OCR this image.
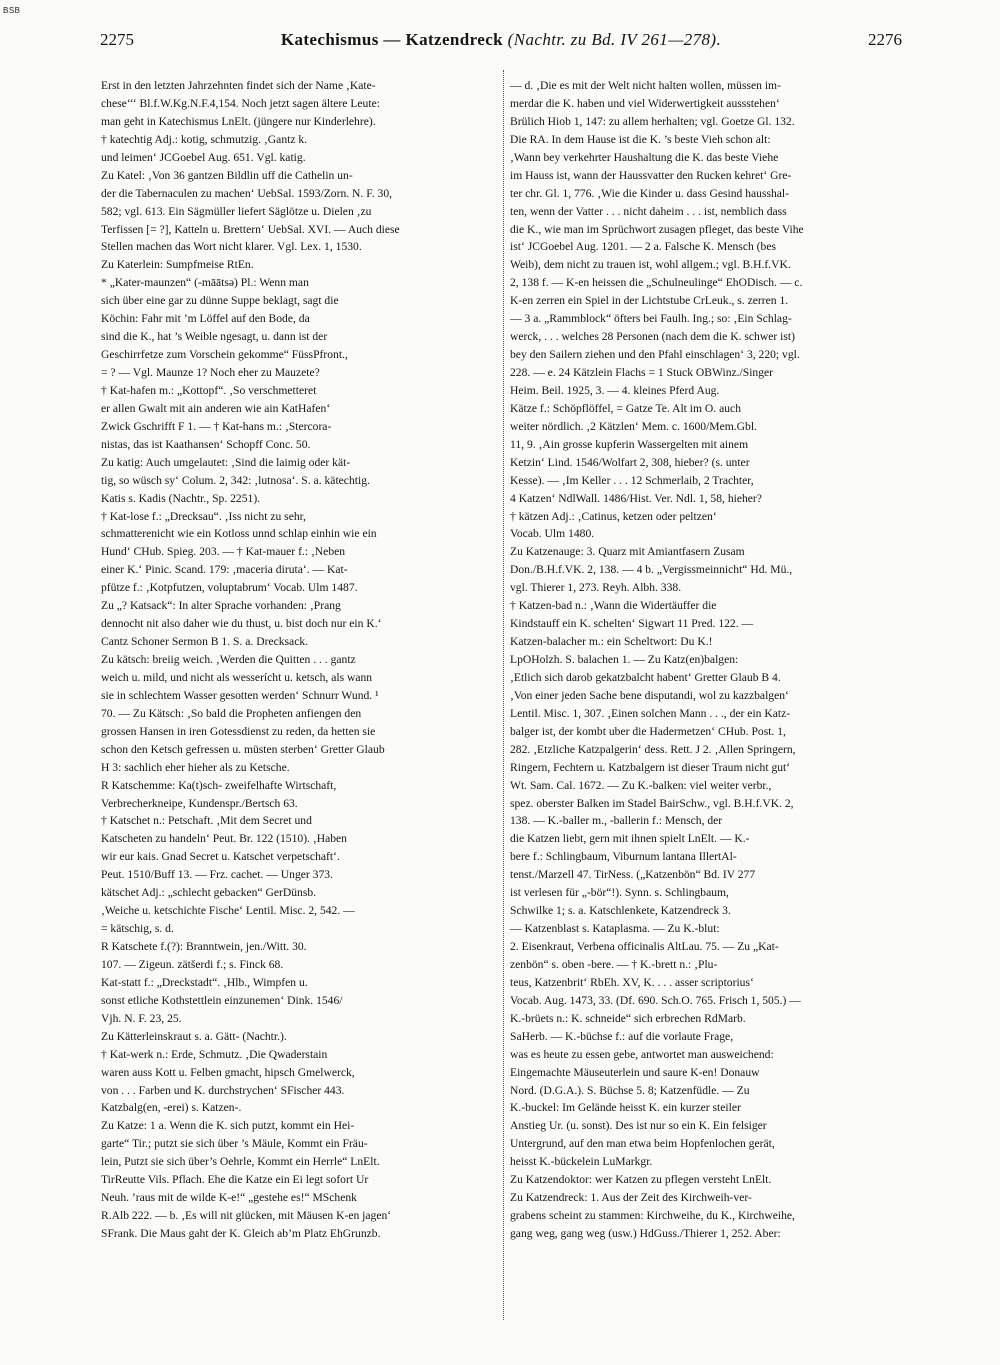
BSB
2275	Katechismus — Katzendreck (Nachtr. zu Bd. IV 261—278).	2276
Erst in den letzten Jahrzehnten findet sich der Name ‚Kate-
chese‘‘‘ Bl.f.W.Kg.N.F.4,154. Noch jetzt sagen ältere Leute:
man geht in Katechismus LnElt. (jüngere nur Kinderlehre).
† katechtig Adj.: kotig, schmutzig. ‚Gantz k.
und leimen‘ JCGoebel Aug. 651. Vgl. katig.
Zu Katel: ‚Von 36 gantzen Bildlin uff die Cathelin un-
der die Tabernaculen zu machen‘ UebSal. 1593/Zorn. N. F. 30,
582; vgl. 613. Ein Sägmüller liefert Säglötze u. Dielen ‚zu
Terfissen [= ?], Katteln u. Brettern‘ UebSal. XVI. — Auch diese
Stellen machen das Wort nicht klarer. Vgl. Lex. 1, 1530.
Zu Katerlein: Sumpfmeise RtEn.
* „Kater-maunzen“ (-māātsə) Pl.: Wenn man
sich über eine gar zu dünne Suppe beklagt, sagt die
Köchin: Fahr mit ’m Löffel auf den Bode, da
sind die K., hat ’s Weible ngesagt, u. dann ist der
Geschirrfetze zum Vorschein gekomme“ FüssPfront.,
= ? — Vgl. Maunze 1? Noch eher zu Mauzete?
† Kat-hafen m.: „Kottopf“. ‚So verschmetteret
er allen Gwalt mit ain anderen wie ain KatHafen‘
Zwick Gschrifft F 1. — † Kat-hans m.: ‚Stercora-
nistas, das ist Kaathansen‘ Schopff Conc. 50.
Zu katig: Auch umgelautet: ‚Sind die laimig oder kät-
tig, so wüsch sy‘ Colum. 2, 342: ‚lutnosa‘. S. a. kätechtig.
Katis s. Kadis (Nachtr., Sp. 2251).
† Kat-lose f.: „Drecksau“. ‚Iss nicht zu sehr,
schmatterenicht wie ein Kotloss unnd schlap einhin wie ein
Hund‘ CHub. Spieg. 203. — † Kat-mauer f.: ‚Neben
einer K.‘ Pinic. Scand. 179: ‚maceria diruta‘. — Kat-
pfütze f.: ‚Kotpfutzen, voluptabrum‘ Vocab. Ulm 1487.
Zu „? Katsack“: In alter Sprache vorhanden: ‚Prang
dennocht nit also daher wie du thust, u. bist doch nur ein K.‘
Cantz Schoner Sermon B 1. S. a. Drecksack.
Zu kätsch: breiig weich. ‚Werden die Quitten . . . gantz
weich u. mild, und nicht als wesserícht u. ketsch, als wann
sie in schlechtem Wasser gesotten werden‘ Schnurr Wund. ¹
70. — Zu Kätsch: ‚So bald die Propheten anfiengen den
grossen Hansen in iren Gotessdienst zu reden, da hetten sie
schon den Ketsch gefressen u. müsten sterben‘ Gretter Glaub
H 3: sachlich eher hieher als zu Ketsche.
R Katschemme: Ka(t)sch- zweifelhafte Wirtschaft,
Verbrecherkneipe, Kundenspr./Bertsch 63.
† Katschet n.: Petschaft. ‚Mit dem Secret und
Katscheten zu handeln‘ Peut. Br. 122 (1510). ‚Haben
wir eur kais. Gnad Secret u. Katschet verpetschaft‘.
Peut. 1510/Buff 13. — Frz. cachet. — Unger 373.
kätschet Adj.: „schlecht gebacken“ GerDünsb.
‚Weiche u. ketschichte Fische‘ Lentil. Misc. 2, 542. —
= kätschig, s. d.
R Katschete f.(?): Branntwein, jen./Witt. 30.
107. — Zigeun. zätšerdi f.; s. Finck 68.
Kat-statt f.: „Dreckstadt“. ‚Hlb., Wimpfen u.
sonst etliche Kothstettlein einzunemen‘ Dink. 1546/
Vjh. N. F. 23, 25.
Zu Kätterleinskraut s. a. Gätt- (Nachtr.).
† Kat-werk n.: Erde, Schmutz. ‚Die Qwaderstain
waren auss Kott u. Felben gmacht, hipsch Gmelwerck,
von . . . Farben und K. durchstrychen‘ SFischer 443.
Katzbalg(en, -erei) s. Katzen-.
Zu Katze: 1 a. Wenn die K. sich putzt, kommt ein Hei-
garte“ Tir.; putzt sie sich über ’s Mäule, Kommt ein Fräu-
lein, Putzt sie sich über’s Oehrle, Kommt ein Herrle“ LnElt.
TirReutte Vils. Pflach. Ehe die Katze ein Ei legt sofort Ur
Neuh. ’raus mit de wilde K-e!“ „gestehe es!“ MSchenk
R.Alb 222. — b. ‚Es will nit glücken, mit Mäusen K-en jagen‘
SFrank. Die Maus gaht der K. Gleich ab’m Platz EhGrunzb.
— d. ‚Die es mit der Welt nicht halten wollen, müssen im-
merdar die K. haben und viel Widerwertigkeit aussstehen‘
Brülich Hiob 1, 147: zu allem herhalten; vgl. Goetze Gl. 132.
Die RA. In dem Hause ist die K. ’s beste Vieh schon alt:
‚Wann bey verkehrter Haushaltung die K. das beste Viehe
im Hauss ist, wann der Haussvatter den Rucken kehret‘ Gre-
ter chr. Gl. 1, 776. ‚Wie die Kinder u. dass Gesind hausshal-
ten, wenn der Vatter . . . nicht daheim . . . ist, nemblich dass
die K., wie man im Sprüchwort zusagen pfleget, das beste Vihe
ist‘ JCGoebel Aug. 1201. — 2 a. Falsche K. Mensch (bes
Weib), dem nicht zu trauen ist, wohl allgem.; vgl. B.H.f.VK.
2, 138 f. — K-en heissen die „Schulneulinge“ EhODisch. — c.
K-en zerren ein Spiel in der Lichtstube CrLeuk., s. zerren 1.
— 3 a. „Rammblock“ öfters bei Faulh. Ing.; so: ‚Ein Schlag-
werck, . . . welches 28 Personen (nach dem die K. schwer ist)
bey den Sailern ziehen und den Pfahl einschlagen‘ 3, 220; vgl.
228. — e. 24 Kätzlein Flachs = 1 Stuck OBWinz./Singer
Heim. Beil. 1925, 3. — 4. kleines Pferd Aug.
Kätze f.: Schöpflöffel, = Gatze Te. Alt im O. auch
weiter nördlich. ‚2 Kätzlen‘ Mem. c. 1600/Mem.Gbl.
11, 9. ‚Ain grosse kupferin Wassergelten mit ainem
Ketzin‘ Lind. 1546/Wolfart 2, 308, hieber? (s. unter
Kesse). — ‚Im Keller . . . 12 Schmerlaib, 2 Trachter,
4 Katzen‘ NdlWall. 1486/Hist. Ver. Ndl. 1, 58, hieher?
† kätzen Adj.: ‚Catinus, ketzen oder peltzen‘
Vocab. Ulm 1480.
Zu Katzenauge: 3. Quarz mit Amiantfasern Zusam
Don./B.H.f.VK. 2, 138. — 4 b. „Vergissmeinnicht“ Hd. Mü.,
vgl. Thierer 1, 273. Reyh. Albh. 338.
† Katzen-bad n.: ‚Wann die Widertäuffer die
Kindstauff ein K. schelten‘ Sigwart 11 Pred. 122. —
Katzen-balacher m.: ein Scheltwort: Du K.!
LpOHolzh. S. balachen 1. — Zu Katz(en)balgen:
‚Etlich sich darob gekatzbalcht habent‘ Gretter Glaub B 4.
‚Von einer jeden Sache bene disputandi, wol zu kazzbalgen‘
Lentil. Misc. 1, 307. ‚Einen solchen Mann . . ., der ein Katz-
balger ist, der kombt uber die Hadermetzen‘ CHub. Post. 1,
282. ‚Etzliche Katzpalgerin‘ dess. Rett. J 2. ‚Allen Springern,
Ringern, Fechtern u. Katzbalgern ist dieser Traum nicht gut‘
Wt. Sam. Cal. 1672. — Zu K.-balken: viel weiter verbr.,
spez. oberster Balken im Stadel BairSchw., vgl. B.H.f.VK. 2,
138. — K.-baller m., -ballerin f.: Mensch, der
die Katzen liebt, gern mit ihnen spielt LnElt. — K.-
bere f.: Schlingbaum, Viburnum lantana IllertAl-
tenst./Marzell 47. TirNess. („Katzenbön“ Bd. IV 277
ist verlesen für „-bör“!). Synn. s. Schlingbaum,
Schwilke 1; s. a. Katschlenkete, Katzendreck 3.
— Katzenblast s. Kataplasma. — Zu K.-blut:
2. Eisenkraut, Verbena officinalis AltLau. 75. — Zu „Kat-
zenbön“ s. oben -bere. — † K.-brett n.: ‚Plu-
teus, Katzenbrit‘ RbEh. XV, K. . . . asser scriptorius‘
Vocab. Aug. 1473, 33. (Df. 690. Sch.O. 765. Frisch 1, 505.) —
K.-brüets n.: K. schneide“ sich erbrechen RdMarb.
SaHerb. — K.-büchse f.: auf die vorlaute Frage,
was es heute zu essen gebe, antwortet man ausweichend:
Eingemachte Mäuseuterlein und saure K-en! Donauw
Nord. (D.G.A.). S. Büchse 5. 8; Katzenfüdle. — Zu
K.-buckel: Im Gelände heisst K. ein kurzer steiler
Anstieg Ur. (u. sonst). Des ist nur so ein K. Ein felsiger
Untergrund, auf den man etwa beim Hopfenlochen gerät,
heisst K.-bückelein LuMarkgr.
Zu Katzendoktor: wer Katzen zu pflegen versteht LnElt.
Zu Katzendreck: 1. Aus der Zeit des Kirchweih-ver-
grabens scheint zu stammen: Kirchweihe, du K., Kirchweihe,
gang weg, gang weg (usw.) HdGuss./Thierer 1, 252. Aber:
